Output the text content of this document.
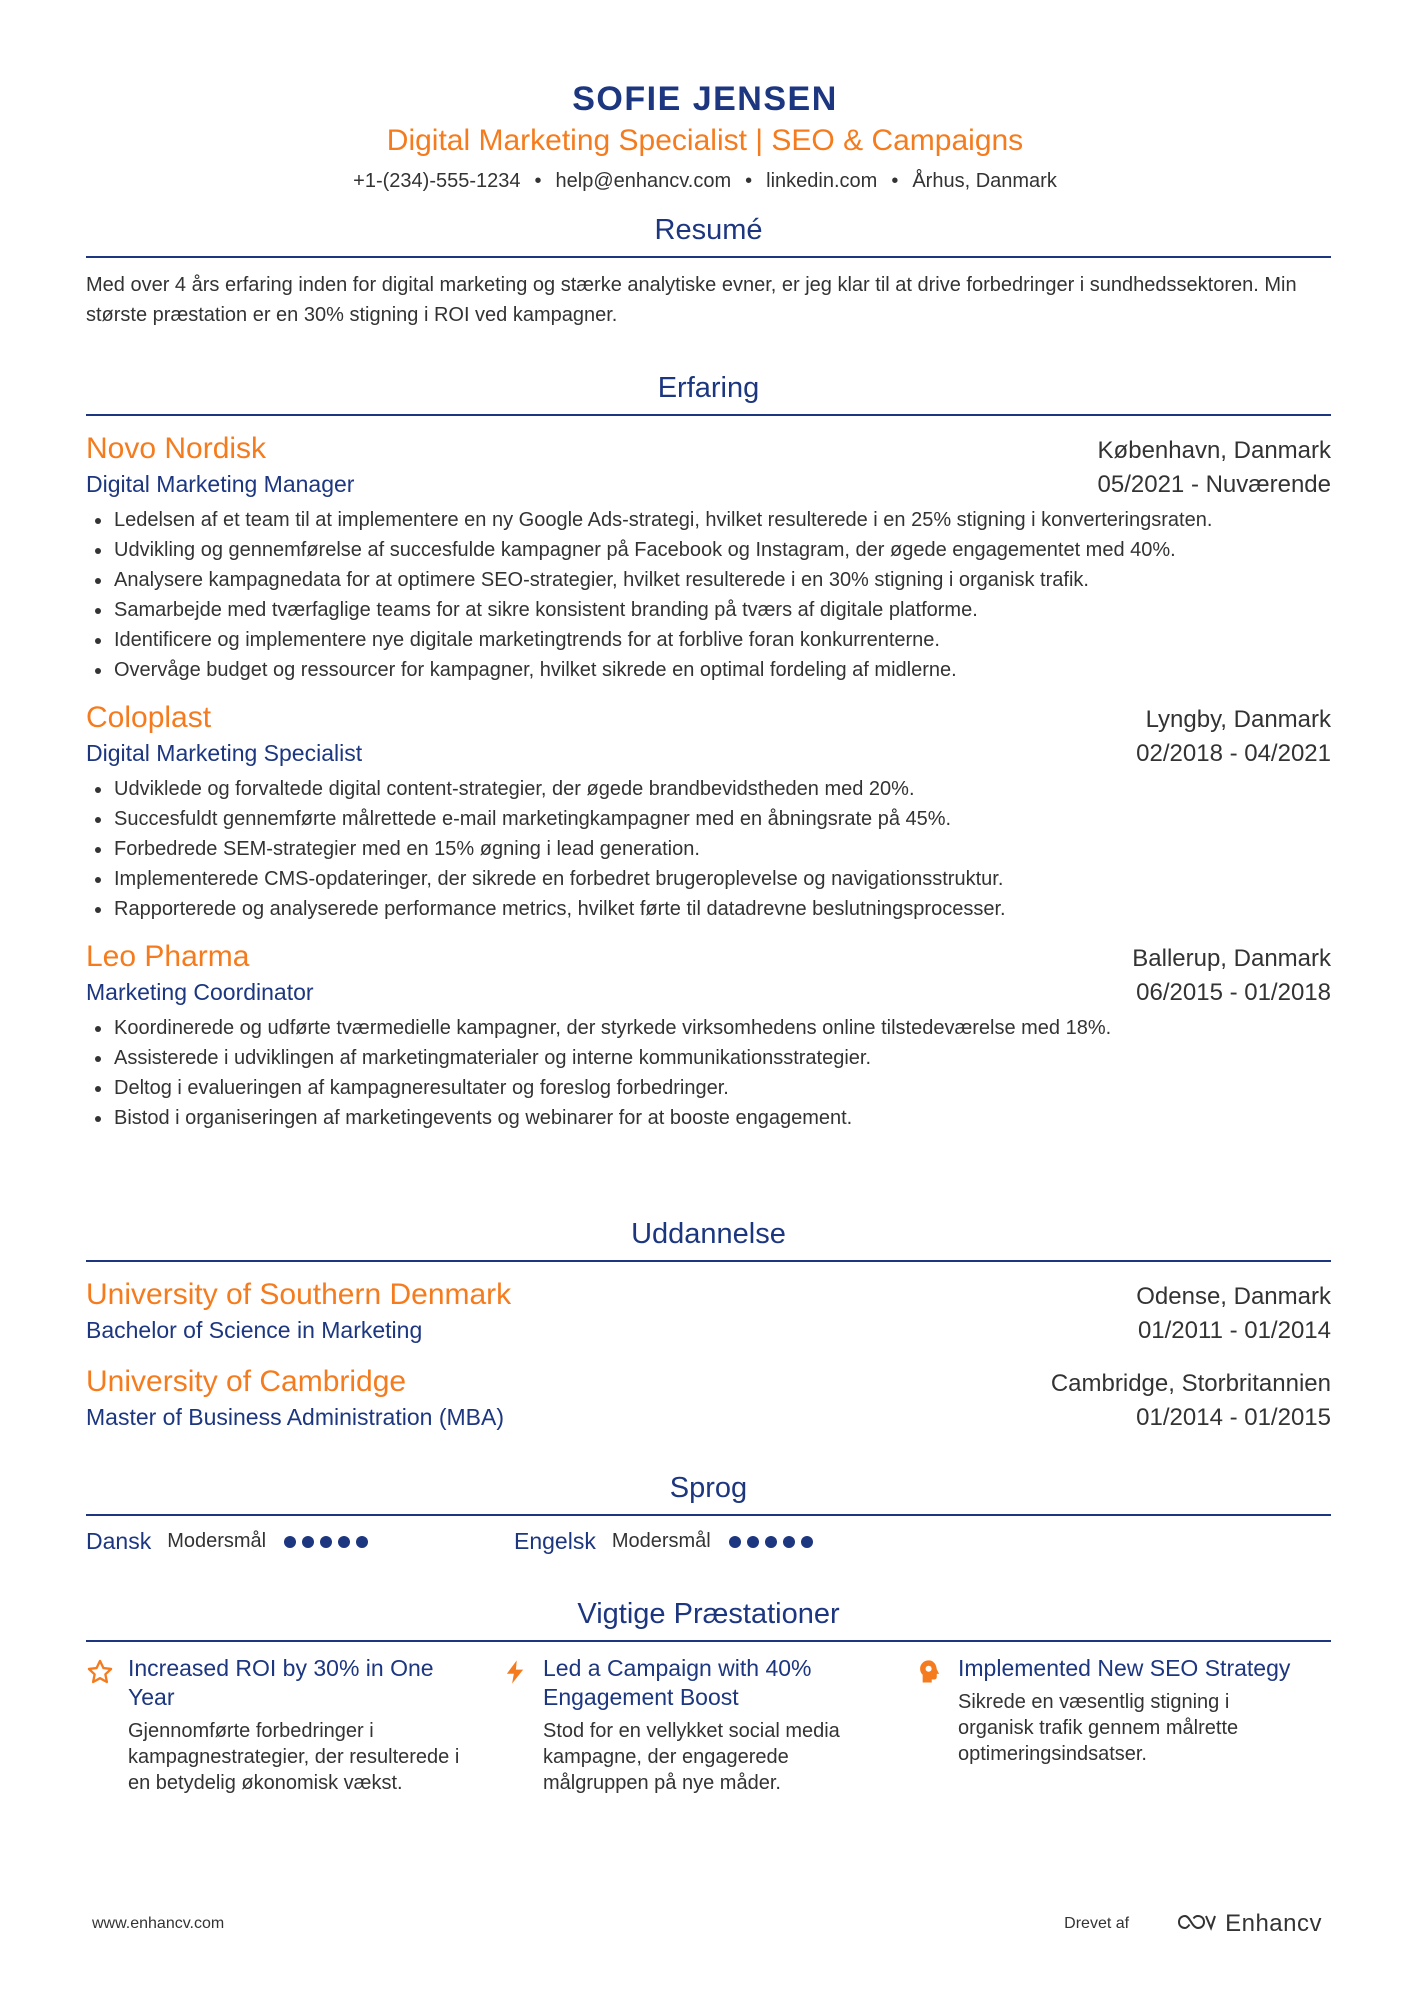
SOFIE JENSEN
Digital Marketing Specialist | SEO & Campaigns
+1-(234)-555-1234 • help@enhancv.com • linkedin.com • Århus, Danmark
Resumé
Med over 4 års erfaring inden for digital marketing og stærke analytiske evner, er jeg klar til at drive forbedringer i sundhedssektoren. Min største præstation er en 30% stigning i ROI ved kampagner.
Erfaring
Novo Nordisk	København, Danmark
Digital Marketing Manager	05/2021 - Nuværende
Ledelsen af et team til at implementere en ny Google Ads-strategi, hvilket resulterede i en 25% stigning i konverteringsraten.
Udvikling og gennemførelse af succesfulde kampagner på Facebook og Instagram, der øgede engagementet med 40%.
Analysere kampagnedata for at optimere SEO-strategier, hvilket resulterede i en 30% stigning i organisk trafik.
Samarbejde med tværfaglige teams for at sikre konsistent branding på tværs af digitale platforme.
Identificere og implementere nye digitale marketingtrends for at forblive foran konkurrenterne.
Overvåge budget og ressourcer for kampagner, hvilket sikrede en optimal fordeling af midlerne.
Coloplast	Lyngby, Danmark
Digital Marketing Specialist	02/2018 - 04/2021
Udviklede og forvaltede digital content-strategier, der øgede brandbevidstheden med 20%.
Succesfuldt gennemførte målrettede e-mail marketingkampagner med en åbningsrate på 45%.
Forbedrede SEM-strategier med en 15% øgning i lead generation.
Implementerede CMS-opdateringer, der sikrede en forbedret brugeroplevelse og navigationsstruktur.
Rapporterede og analyserede performance metrics, hvilket førte til datadrevne beslutningsprocesser.
Leo Pharma	Ballerup, Danmark
Marketing Coordinator	06/2015 - 01/2018
Koordinerede og udførte tværmedielle kampagner, der styrkede virksomhedens online tilstedeværelse med 18%.
Assisterede i udviklingen af marketingmaterialer og interne kommunikationsstrategier.
Deltog i evalueringen af kampagneresultater og foreslog forbedringer.
Bistod i organiseringen af marketingevents og webinarer for at booste engagement.
Uddannelse
University of Southern Denmark	Odense, Danmark
Bachelor of Science in Marketing	01/2011 - 01/2014
University of Cambridge	Cambridge, Storbritannien
Master of Business Administration (MBA)	01/2014 - 01/2015
Sprog
Dansk Modersmål	Engelsk Modersmål
Vigtige Præstationer
Increased ROI by 30% in One Year
Gjennomførte forbedringer i kampagnestrategier, der resulterede i en betydelig økonomisk vækst.
Led a Campaign with 40% Engagement Boost
Stod for en vellykket social media kampagne, der engagerede målgruppen på nye måder.
Implemented New SEO Strategy
Sikrede en væsentlig stigning i organisk trafik gennem målrette optimeringsindsatser.
www.enhancv.com	Drevet af	Enhancv
